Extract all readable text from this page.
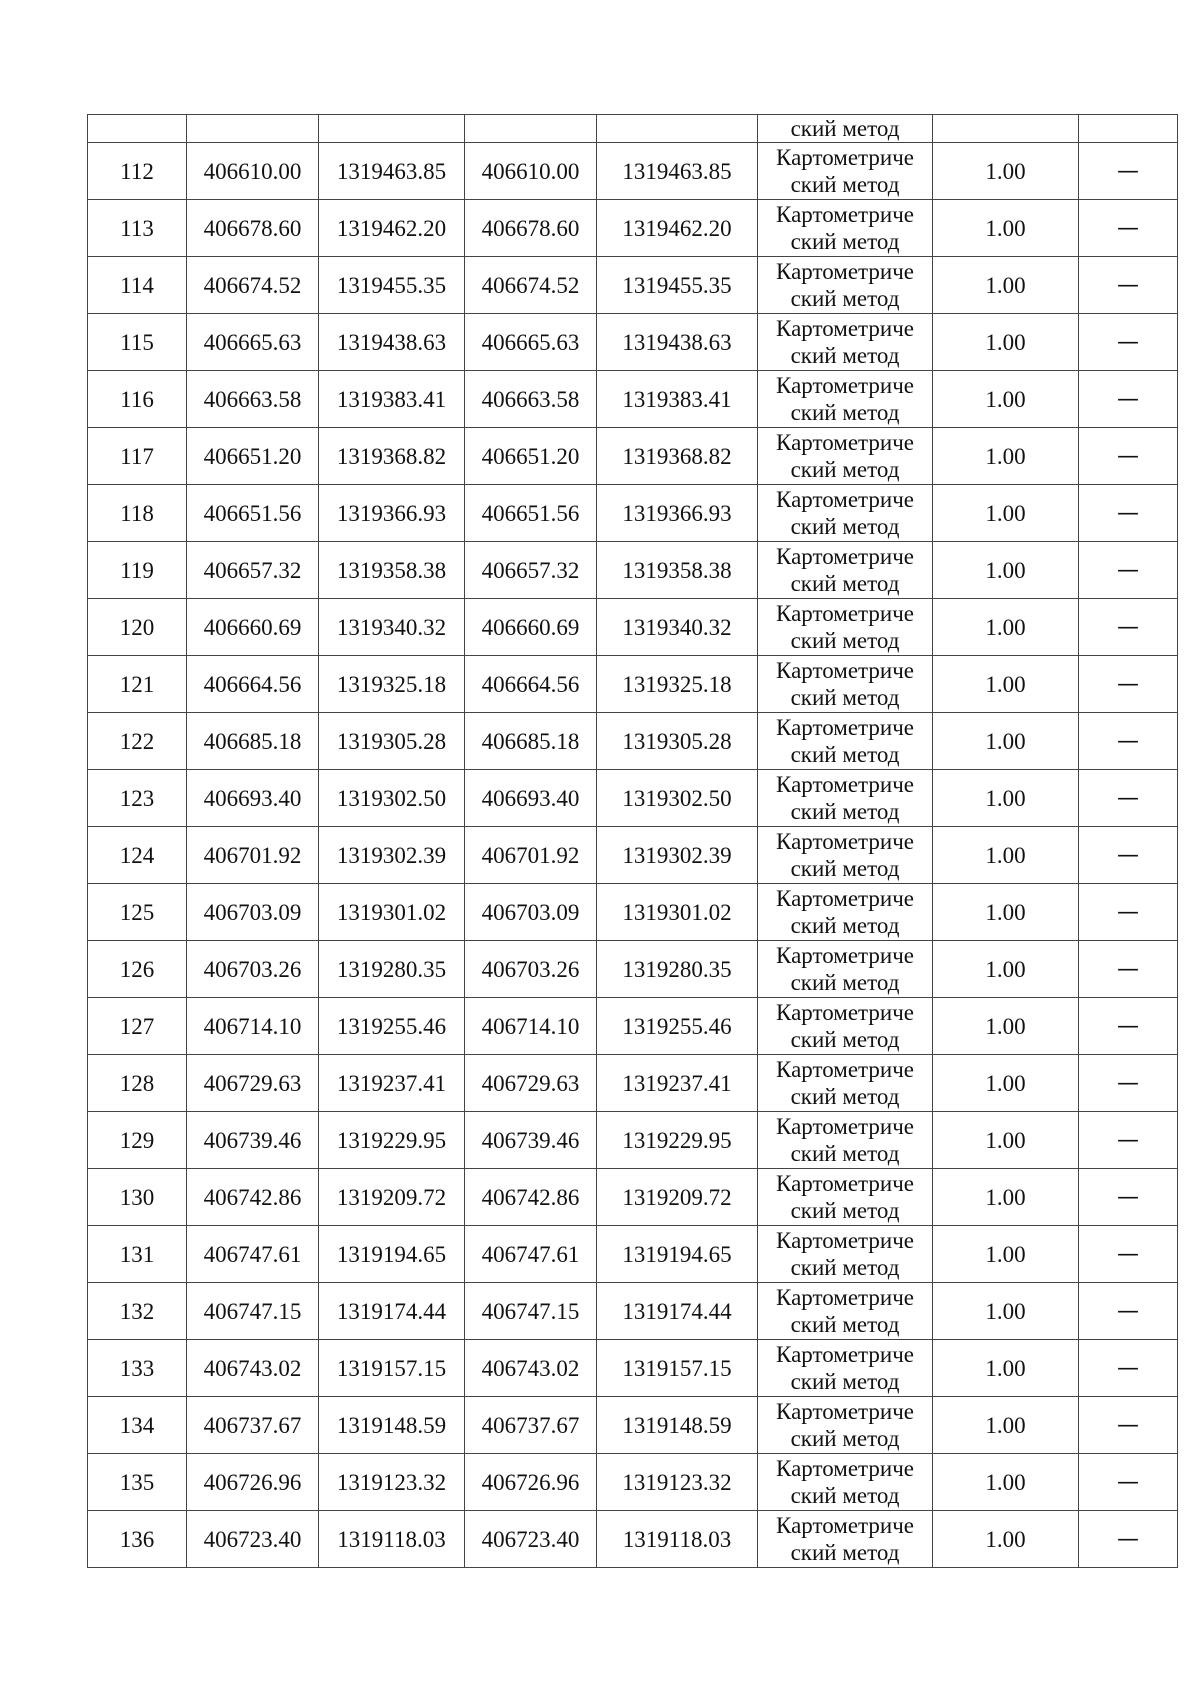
					ский метод		
112	406610.00	1319463.85	406610.00	1319463.85	Картометриче
ский метод	1.00	—
113	406678.60	1319462.20	406678.60	1319462.20	Картометриче
ский метод	1.00	—
114	406674.52	1319455.35	406674.52	1319455.35	Картометриче
ский метод	1.00	—
115	406665.63	1319438.63	406665.63	1319438.63	Картометриче
ский метод	1.00	—
116	406663.58	1319383.41	406663.58	1319383.41	Картометриче
ский метод	1.00	—
117	406651.20	1319368.82	406651.20	1319368.82	Картометриче
ский метод	1.00	—
118	406651.56	1319366.93	406651.56	1319366.93	Картометриче
ский метод	1.00	—
119	406657.32	1319358.38	406657.32	1319358.38	Картометриче
ский метод	1.00	—
120	406660.69	1319340.32	406660.69	1319340.32	Картометриче
ский метод	1.00	—
121	406664.56	1319325.18	406664.56	1319325.18	Картометриче
ский метод	1.00	—
122	406685.18	1319305.28	406685.18	1319305.28	Картометриче
ский метод	1.00	—
123	406693.40	1319302.50	406693.40	1319302.50	Картометриче
ский метод	1.00	—
124	406701.92	1319302.39	406701.92	1319302.39	Картометриче
ский метод	1.00	—
125	406703.09	1319301.02	406703.09	1319301.02	Картометриче
ский метод	1.00	—
126	406703.26	1319280.35	406703.26	1319280.35	Картометриче
ский метод	1.00	—
127	406714.10	1319255.46	406714.10	1319255.46	Картометриче
ский метод	1.00	—
128	406729.63	1319237.41	406729.63	1319237.41	Картометриче
ский метод	1.00	—
129	406739.46	1319229.95	406739.46	1319229.95	Картометриче
ский метод	1.00	—
130	406742.86	1319209.72	406742.86	1319209.72	Картометриче
ский метод	1.00	—
131	406747.61	1319194.65	406747.61	1319194.65	Картометриче
ский метод	1.00	—
132	406747.15	1319174.44	406747.15	1319174.44	Картометриче
ский метод	1.00	—
133	406743.02	1319157.15	406743.02	1319157.15	Картометриче
ский метод	1.00	—
134	406737.67	1319148.59	406737.67	1319148.59	Картометриче
ский метод	1.00	—
135	406726.96	1319123.32	406726.96	1319123.32	Картометриче
ский метод	1.00	—
136	406723.40	1319118.03	406723.40	1319118.03	Картометриче
ский метод	1.00	—
